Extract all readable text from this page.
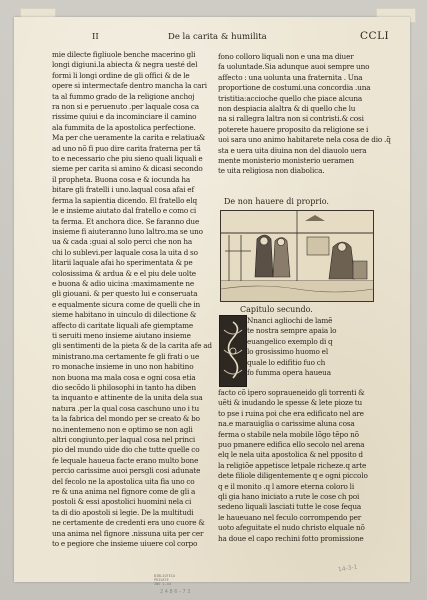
II	De la carita & humilita	CCLI
mie dilecte figliuole benche macerino gli
longi digiuni.la abiecta & negra uesté del
formi li longi ordine de gli offici & de le
opere si intermectafe dentro mancha la cari
ta al fummo grado de la religione anchoj
ra non si e peruenuto .per laquale cosa ca
rissime quiui e da incominciare il camino
ala fummita de la apostolica perfectione.
Ma per che ueramente la carita e relatiua&
ad uno nõ fi puo dire carita fraterna per tã
to e necessario che piu sieno quali liquali e
sieme per carita si amino & dicasi secondo
il propheta. Buona cosa e & iocunda ha
bitare gli fratelli i uno.laqual cosa afai ef
ferma la sapientia dicendo. El fratello elq
le e insieme aiutato dal fratello e como ci
ta ferma. Et anchora dice. Se faranno due
insieme fi aiuteranno luno laltro.ma se uno
ua & cada :guai al solo perci che non ha
chi lo sublevi.per laquale cosa la uita d so
litarii laquale afai ho sperimentata & pe
colosissima & ardua & e el piu dele uolte
e buona & adio uicina :maximamente ne
gli giouani. & per questo lui e conseruata
e equalmente sicura come de quelli che in
sieme habitano in uinculo di dilectione &
affecto di caritate liquali afe giemptame
ti seruiti meno insieme aiutano insieme
gli sentimenti de la pieta & de la carita afe ad
ministrano.ma certamente fe gli frati o ue
ro monache insieme in uno non habitino
non buona ma mala cosa e ogni cosa etia
dio secõdo li philosophi in tanto ha diben
ta inquanto e attinente de la unita dela sua
natura .per la qual cosa caschuno uno i tu
ta la fabrica del mondo per se creato & bo
no.inentemeno non e optimo se non agli
altri congiunto.per laqual cosa nel princi
pio del mundo uide dio che tutte quelle co
fe lequale haueua facte erano multo bone
percio carissime auoi persgli cosi adunate
del fecolo ne la apostolica uita fia uno co
re & una anima nel fignore come de gli a
postoli & essi apostolici huomini nela ci
ta di dio apostoli si legie. De la multitudi
ne certamente de credenti era uno cuore &
una anima nel fignore .nissuna uita per cer
to e pegiore che insieme uiuere col corpo
fono colloro liquali non e una ma diuer
fa uoluntade.Sia adunque auoi sempre uno
affecto : una uolunta una fraternita . Una
proportione de costumi.una concordia .una
tristitia:accioche quello che piace alcuna
non despiacia alaltra & di quello che lu
na si rallegra laltra non si contristi.& cosi
poterete hauere proposito da religione se i
uoi sara uno animo habitarete nela cosa de dio .q̃
sta e uera uita diuina non del diauolo uera
mente monisterio monisterio ueramen
te uita religiosa non diabolica.
De non hauere di proprio.
Capitulo secundo.
Nnanci agliochi de lamẽ
te nostra sempre apaia lo
euangelico exemplo di q
lo grosissimo huomo el
quale lo edifitio fuo ch
fo fumma opera haueua
facto cõ ipero sopraueneido gli torrenti &
uẽti & inudando le spesse & lete pioze tu
to pse i ruina poi che era edificato nel are
na.e marauiglia o carissime aluna cosa
ferma o stabile nela mobile lõgo tẽpo nõ
puo pmanere edifica ello secolo nel arena
elq le nela uita apostolica & nel pposito d
la religiõe appetisce letpale richeze.q arte
dete filiole diligentemente q e ogni piccolo
q e il monito .q l amore eterna coloro li
qli gia hano iniciato a rute le cose ch poi
sedeno liquali lasciati tutte le cose fequa
le haueuano nel feculo corrompendo per
uoto afeguitate el nudo christo elquale nõ
ha doue el capo rechini fotto promissione
BIBLIOTECA
PRIVATE
INV 1.44
2 4 8 6 - 7 3
14-3-1
